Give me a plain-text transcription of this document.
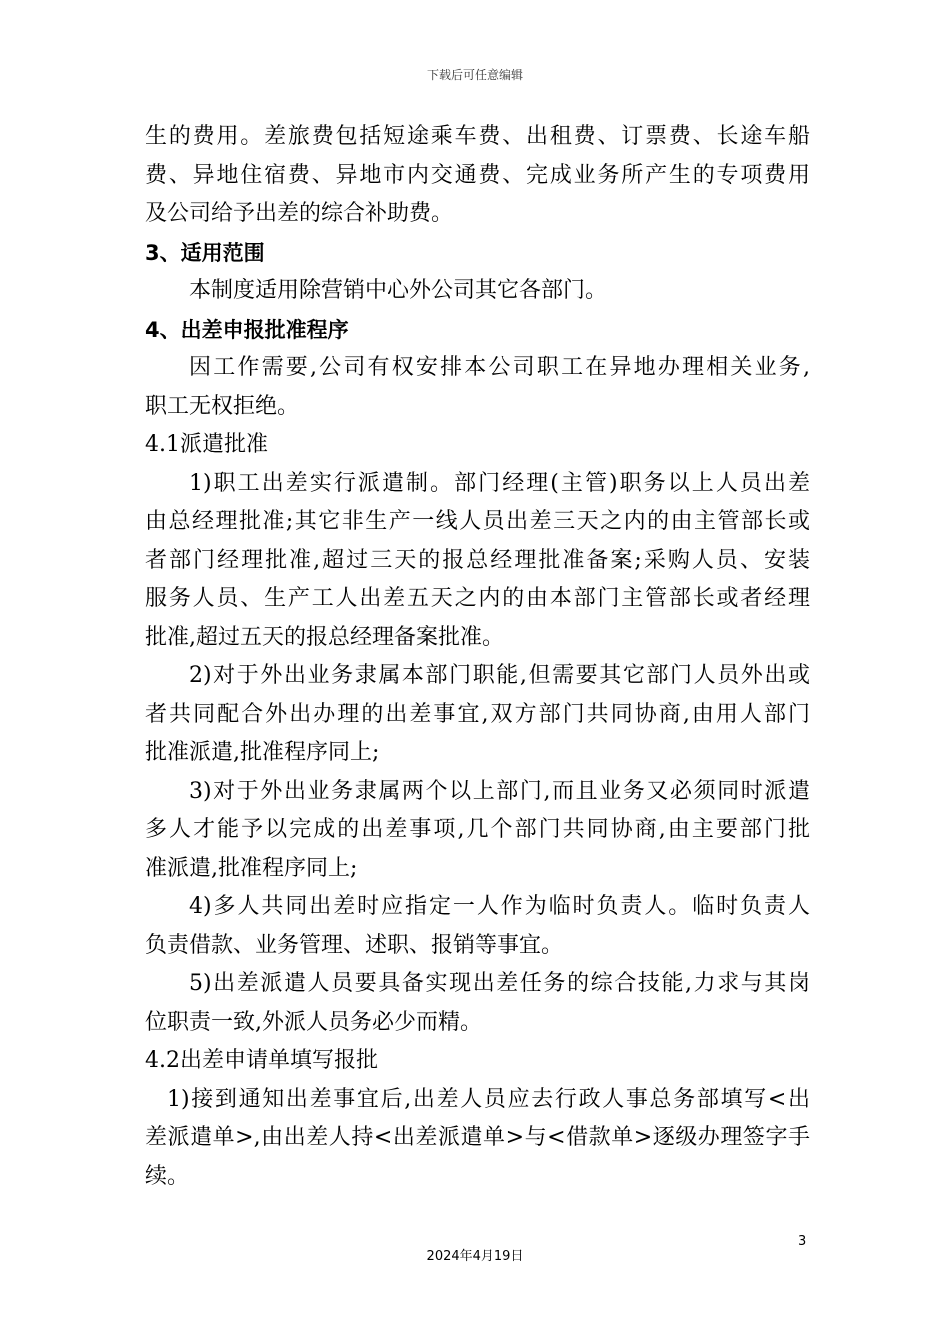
下载后可任意编辑
生的费用。差旅费包括短途乘车费、出租费、订票费、长途车船
费、异地住宿费、异地市内交通费、完成业务所产生的专项费用
及公司给予出差的综合补助费。
3、适用范围
本制度适用除营销中心外公司其它各部门。
4、出差申报批准程序
因工作需要,公司有权安排本公司职工在异地办理相关业务,
职工无权拒绝。
4.1派遣批准
1)职工出差实行派遣制。部门经理(主管)职务以上人员出差
由总经理批准;其它非生产一线人员出差三天之内的由主管部长或
者部门经理批准,超过三天的报总经理批准备案;采购人员、安装
服务人员、生产工人出差五天之内的由本部门主管部长或者经理
批准,超过五天的报总经理备案批准。
2)对于外出业务隶属本部门职能,但需要其它部门人员外出或
者共同配合外出办理的出差事宜,双方部门共同协商,由用人部门
批准派遣,批准程序同上;
3)对于外出业务隶属两个以上部门,而且业务又必须同时派遣
多人才能予以完成的出差事项,几个部门共同协商,由主要部门批
准派遣,批准程序同上;
4)多人共同出差时应指定一人作为临时负责人。临时负责人
负责借款、业务管理、述职、报销等事宜。
5)出差派遣人员要具备实现出差任务的综合技能,力求与其岗
位职责一致,外派人员务必少而精。
4.2出差申请单填写报批
1)接到通知出差事宜后,出差人员应去行政人事总务部填写<出
差派遣单>,由出差人持<出差派遣单>与<借款单>逐级办理签字手
续。
3
2024年4月19日
